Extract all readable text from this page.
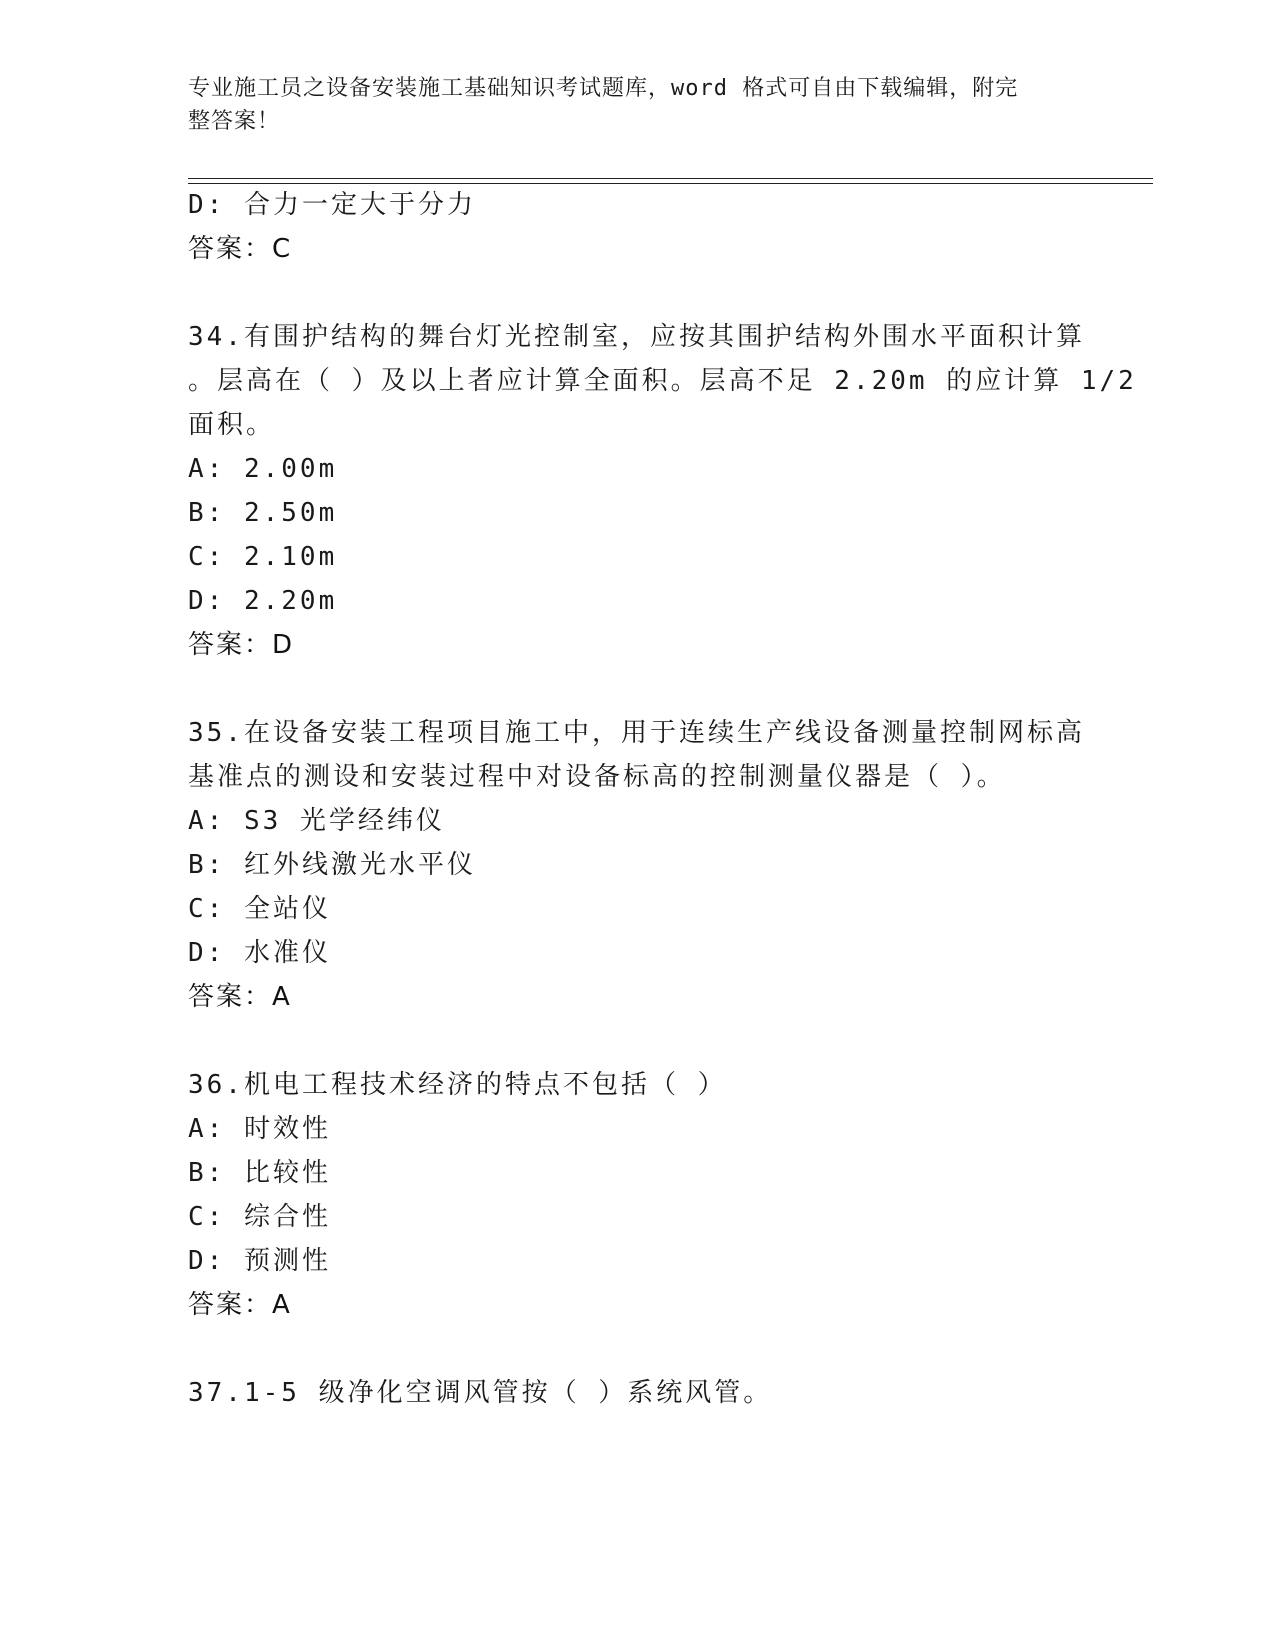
专业施工员之设备安装施工基础知识考试题库，word 格式可自由下载编辑，附完
整答案！
D: 合力一定大于分力
答案：C
34.有围护结构的舞台灯光控制室，应按其围护结构外围水平面积计算
。层高在（ ）及以上者应计算全面积。层高不足 2.20m 的应计算 1/2
面积。
A: 2.00m
B: 2.50m
C: 2.10m
D: 2.20m
答案：D
35.在设备安装工程项目施工中，用于连续生产线设备测量控制网标高
基准点的测设和安装过程中对设备标高的控制测量仪器是（ ）。
A: S3 光学经纬仪
B: 红外线激光水平仪
C: 全站仪
D: 水准仪
答案：A
36.机电工程技术经济的特点不包括（ ）
A: 时效性
B: 比较性
C: 综合性
D: 预测性
答案：A
37.1-5 级净化空调风管按（ ）系统风管。
